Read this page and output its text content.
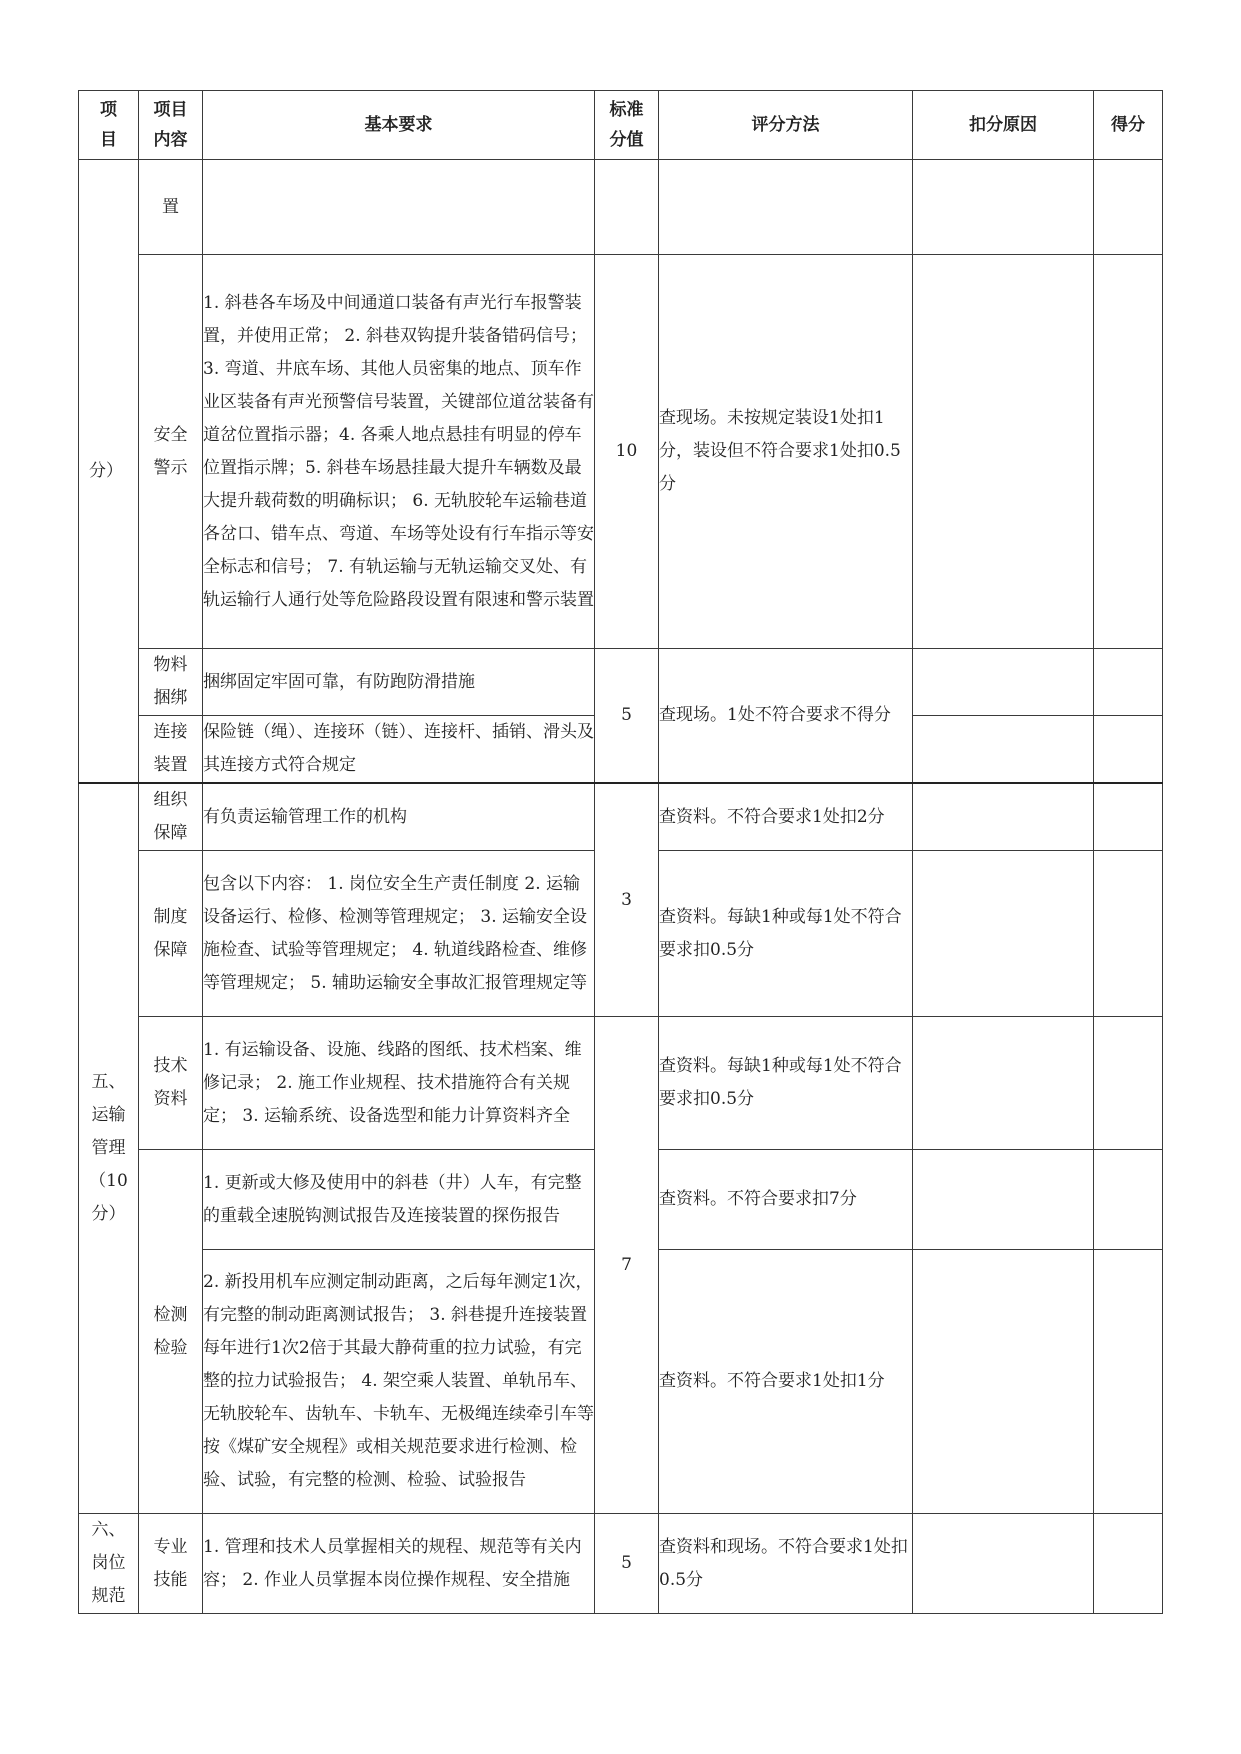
项目	项目内容	基本要求	标准分值	评分方法	扣分原因	得分
分）	置					
	安全警示	1. 斜巷各车场及中间通道口装备有声光行车报警装置，并使用正常； 2. 斜巷双钩提升装备错码信号； 3. 弯道、井底车场、其他人员密集的地点、顶车作业区装备有声光预警信号装置，关键部位道岔装备有道岔位置指示器；4. 各乘人地点悬挂有明显的停车位置指示牌；5. 斜巷车场悬挂最大提升车辆数及最大提升载荷数的明确标识； 6. 无轨胶轮车运输巷道各岔口、错车点、弯道、车场等处设有行车指示等安全标志和信号； 7. 有轨运输与无轨运输交叉处、有轨运输行人通行处等危险路段设置有限速和警示装置	10	查现场。未按规定装设1处扣1分，装设但不符合要求1处扣0.5分		
	物料捆绑	捆绑固定牢固可靠，有防跑防滑措施	5	查现场。1处不符合要求不得分		
	连接装置	保险链（绳）、连接环（链）、连接杆、插销、滑头及其连接方式符合规定				
五、运输管理（10分）	组织保障	有负责运输管理工作的机构	3	查资料。不符合要求1处扣2分		
	制度保障	包含以下内容： 1. 岗位安全生产责任制度 2. 运输设备运行、检修、检测等管理规定； 3. 运输安全设施检查、试验等管理规定； 4. 轨道线路检查、维修等管理规定； 5. 辅助运输安全事故汇报管理规定等		查资料。每缺1种或每1处不符合要求扣0.5分		
	技术资料	1. 有运输设备、设施、线路的图纸、技术档案、维修记录； 2. 施工作业规程、技术措施符合有关规定； 3. 运输系统、设备选型和能力计算资料齐全	7	查资料。每缺1种或每1处不符合要求扣0.5分		
	检测检验	1. 更新或大修及使用中的斜巷（井）人车，有完整的重载全速脱钩测试报告及连接装置的探伤报告		查资料。不符合要求扣7分		
		2. 新投用机车应测定制动距离，之后每年测定1次，有完整的制动距离测试报告； 3. 斜巷提升连接装置每年进行1次2倍于其最大静荷重的拉力试验，有完整的拉力试验报告； 4. 架空乘人装置、单轨吊车、无轨胶轮车、齿轨车、卡轨车、无极绳连续牵引车等按《煤矿安全规程》或相关规范要求进行检测、检验、试验，有完整的检测、检验、试验报告		查资料。不符合要求1处扣1分		
六、岗位规范	专业技能	1. 管理和技术人员掌握相关的规程、规范等有关内容； 2. 作业人员掌握本岗位操作规程、安全措施	5	查资料和现场。不符合要求1处扣0.5分		
